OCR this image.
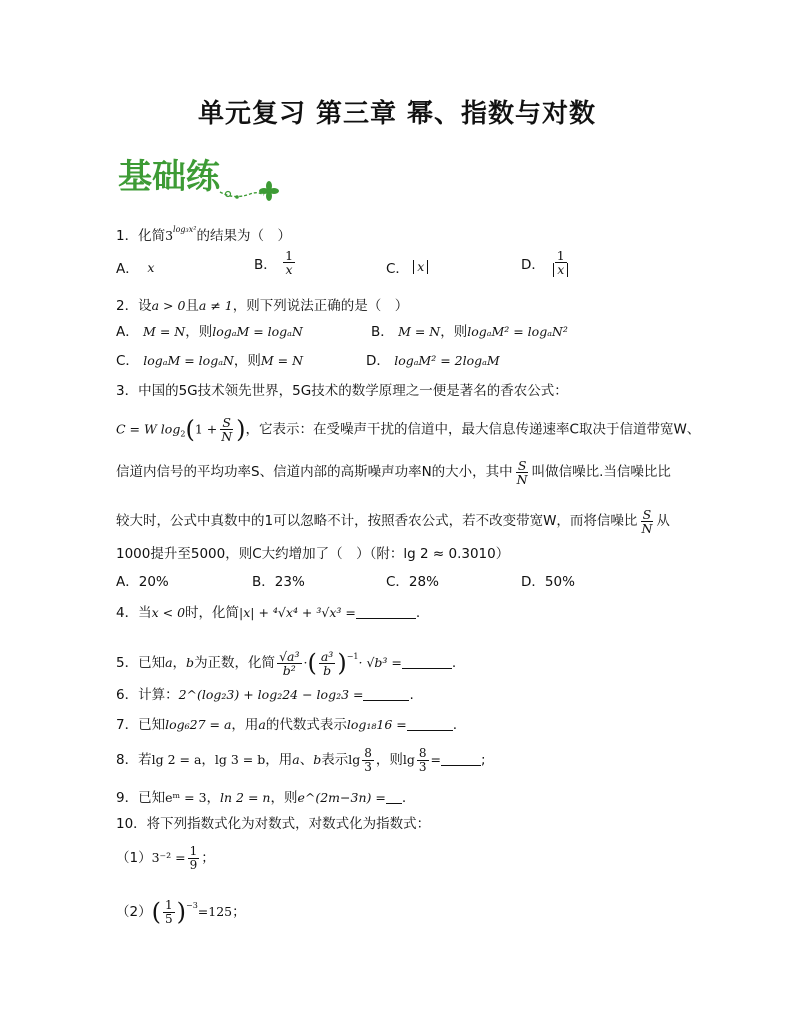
单元复习 第三章 幂、指数与对数
基础练
1．化简$3^{log_3x^2}$的结果为（　）
A．
x	B．
$\frac{1}{x}$	C．
x	D．
$\frac{1}{x}$
2．设a > 0且a ≠ 1，则下列说法正确的是（　）
A． M = N，则logₐM = logₐN	B． M = N，则logₐM² = logₐN²
C． logₐM = logₐN，则M = N	D． logₐM² = 2logₐM
3．中国的5G技术领先世界，5G技术的数学原理之一便是著名的香农公式：
C = W $\log_2(1 + \frac{S}{N}$ )，它表示：在受噪声干扰的信道中，最大信息传递速率C取决于信道带宽W、
信道内信号的平均功率S、信道内部的高斯噪声功率N的大小，其中 $\frac{S}{N}$ 叫做信噪比.当信噪比比
较大时，公式中真数中的1可以忽略不计，按照香农公式，若不改变带宽W，而将信噪比 $\frac{S}{N}$ 从
1000提升至5000，则C大约增加了（　）（附：lg 2 ≈ 0.3010）
A．20%	B．23%	C．28%	D．50%
4．当x < 0时，化简|x| + ⁴√x⁴ + ³√x³ =	.
5．已知a，b为正数，化简 $\frac{\text{√a³}}{\text{b²}}$ ·( $\frac{\text{a³}}{b} )^{-1}\cdot √b^3$ =	.
6．计算：2^(log₂3) + log₂24 − log₂3 =	.
7．已知log₆27 = a，用a的代数式表示log₁₈16 =	.
8．若lg 2 = a，lg 3 = b，用a、b表示$\lg \frac{8}{3}$ ，则$\lg \frac{8}{3}$ =	;
9．已知eᵐ = 3，ln 2 = n，则e^(2m−3n) = .
10．将下列指数式化为对数式，对数式化为指数式：
$(1)3^{-2} = \frac{1}{9}$ ；
$(2)( \frac{1}{5} )^{-3}=125$；
